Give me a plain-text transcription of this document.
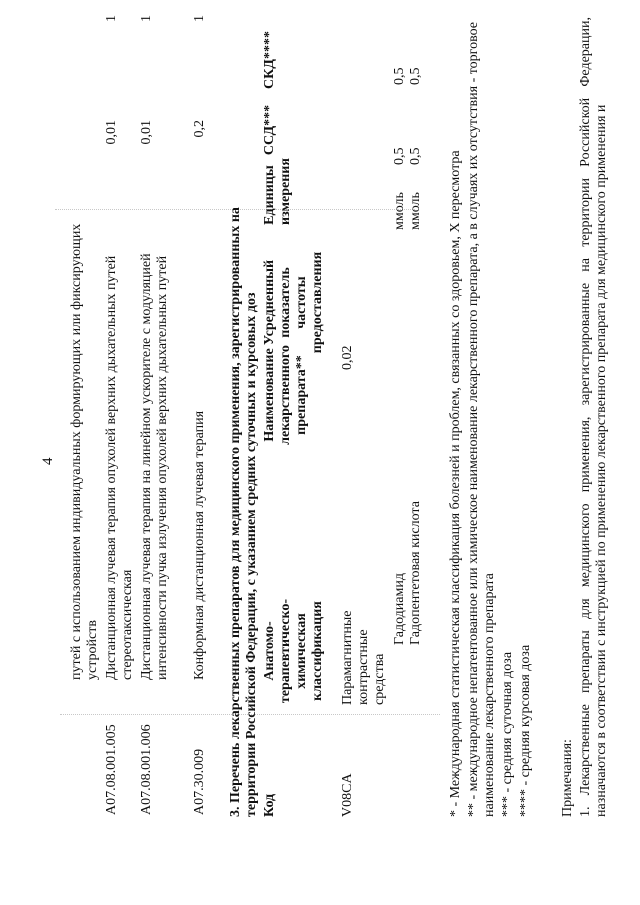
4 путей с использованием индивидуальных формирующих или фиксирующих устройств
A07.08.001.005
Дистанционная лучевая терапия опухолей верхних дыхательных путей стереотаксическая
0,01
1
A07.08.001.006
Дистанционная лучевая терапия на линейном ускорителе с модуляцией интенсивности пучка излучения опухолей верхних дыхательных путей
0,01
1
A07.30.009
Конформная дистанционная лучевая терапия
0,2
1
3. Перечень лекарственных препаратов для медицинского применения, зарегистрированных на территории Российской Федерации, с указанием средних суточных и курсовых доз Код
Анатомо-терапевтическо-химическая классификация
Наименование лекарственного препарата**
Усредненный показатель частоты предоставления
Единицы измерения
ССД***
СКД****
V08CA
Парамагнитные контрастные средства
0,02
Гадодиамид
ммоль
0,5
0,5
Гадопентетовая кислота
ммоль
0,5
0,5
* - Международная статистическая классификация болезней и проблем, связанных со здоровьем, X пересмотра ** - международное непатентованное или химическое наименование лекарственного препарата, а в случаях их отсутствия - торговое наименование лекарственного препарата *** - средняя суточная доза **** - средняя курсовая доза Примечания: 1. Лекарственные препараты для медицинского применения, зарегистрированные на территории Российской Федерации, назначаются в соответствии с инструкцией по применению лекарственного препарата для медицинского применения и
